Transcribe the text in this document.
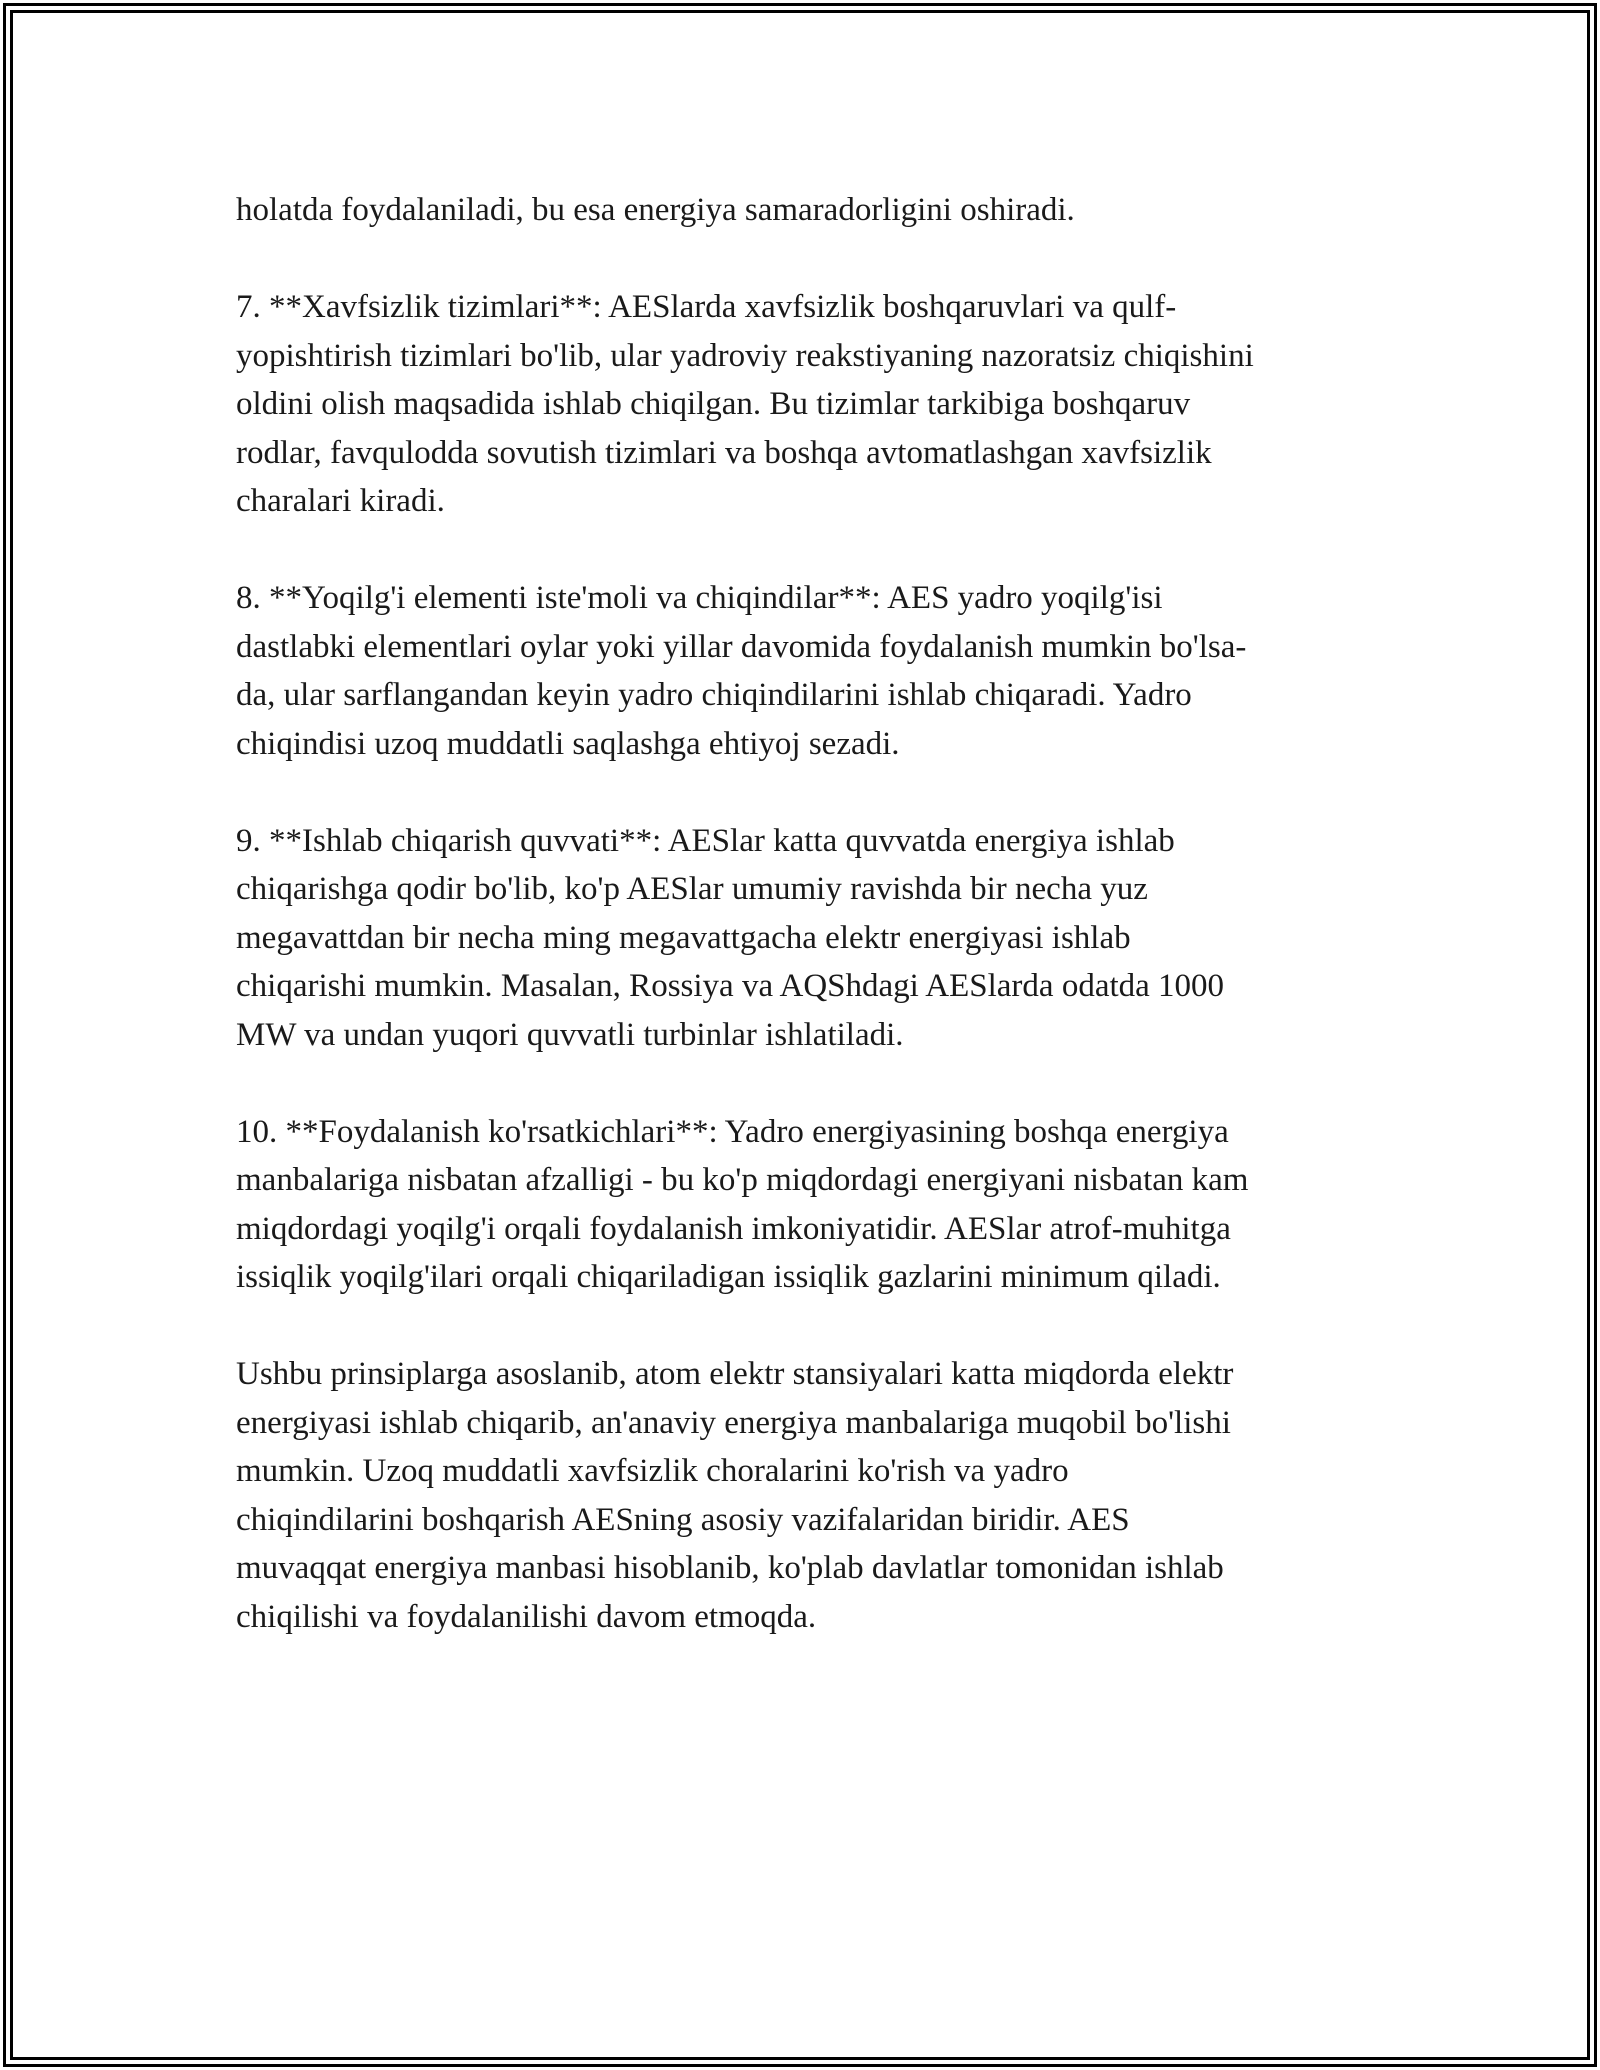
holatda foydalaniladi, bu esa energiya samaradorligini oshiradi.

7. **Xavfsizlik tizimlari**: AESlarda xavfsizlik boshqaruvlari va qulf-
yopishtirish tizimlari bo'lib, ular yadroviy reakstiyaning nazoratsiz chiqishini
oldini olish maqsadida ishlab chiqilgan. Bu tizimlar tarkibiga boshqaruv
rodlar, favqulodda sovutish tizimlari va boshqa avtomatlashgan xavfsizlik
charalari kiradi.

8. **Yoqilg'i elementi iste'moli va chiqindilar**: AES yadro yoqilg'isi
dastlabki elementlari oylar yoki yillar davomida foydalanish mumkin bo'lsa-
da, ular sarflangandan keyin yadro chiqindilarini ishlab chiqaradi. Yadro
chiqindisi uzoq muddatli saqlashga ehtiyoj sezadi.

9. **Ishlab chiqarish quvvati**: AESlar katta quvvatda energiya ishlab
chiqarishga qodir bo'lib, ko'p AESlar umumiy ravishda bir necha yuz
megavattdan bir necha ming megavattgacha elektr energiyasi ishlab
chiqarishi mumkin. Masalan, Rossiya va AQShdagi AESlarda odatda 1000
MW va undan yuqori quvvatli turbinlar ishlatiladi.

10. **Foydalanish ko'rsatkichlari**: Yadro energiyasining boshqa energiya
manbalariga nisbatan afzalligi - bu ko'p miqdordagi energiyani nisbatan kam
miqdordagi yoqilg'i orqali foydalanish imkoniyatidir. AESlar atrof-muhitga
issiqlik yoqilg'ilari orqali chiqariladigan issiqlik gazlarini minimum qiladi.

Ushbu prinsiplarga asoslanib, atom elektr stansiyalari katta miqdorda elektr
energiyasi ishlab chiqarib, an'anaviy energiya manbalariga muqobil bo'lishi
mumkin. Uzoq muddatli xavfsizlik choralarini ko'rish va yadro
chiqindilarini boshqarish AESning asosiy vazifalaridan biridir. AES
muvaqqat energiya manbasi hisoblanib, ko'plab davlatlar tomonidan ishlab
chiqilishi va foydalanilishi davom etmoqda.
